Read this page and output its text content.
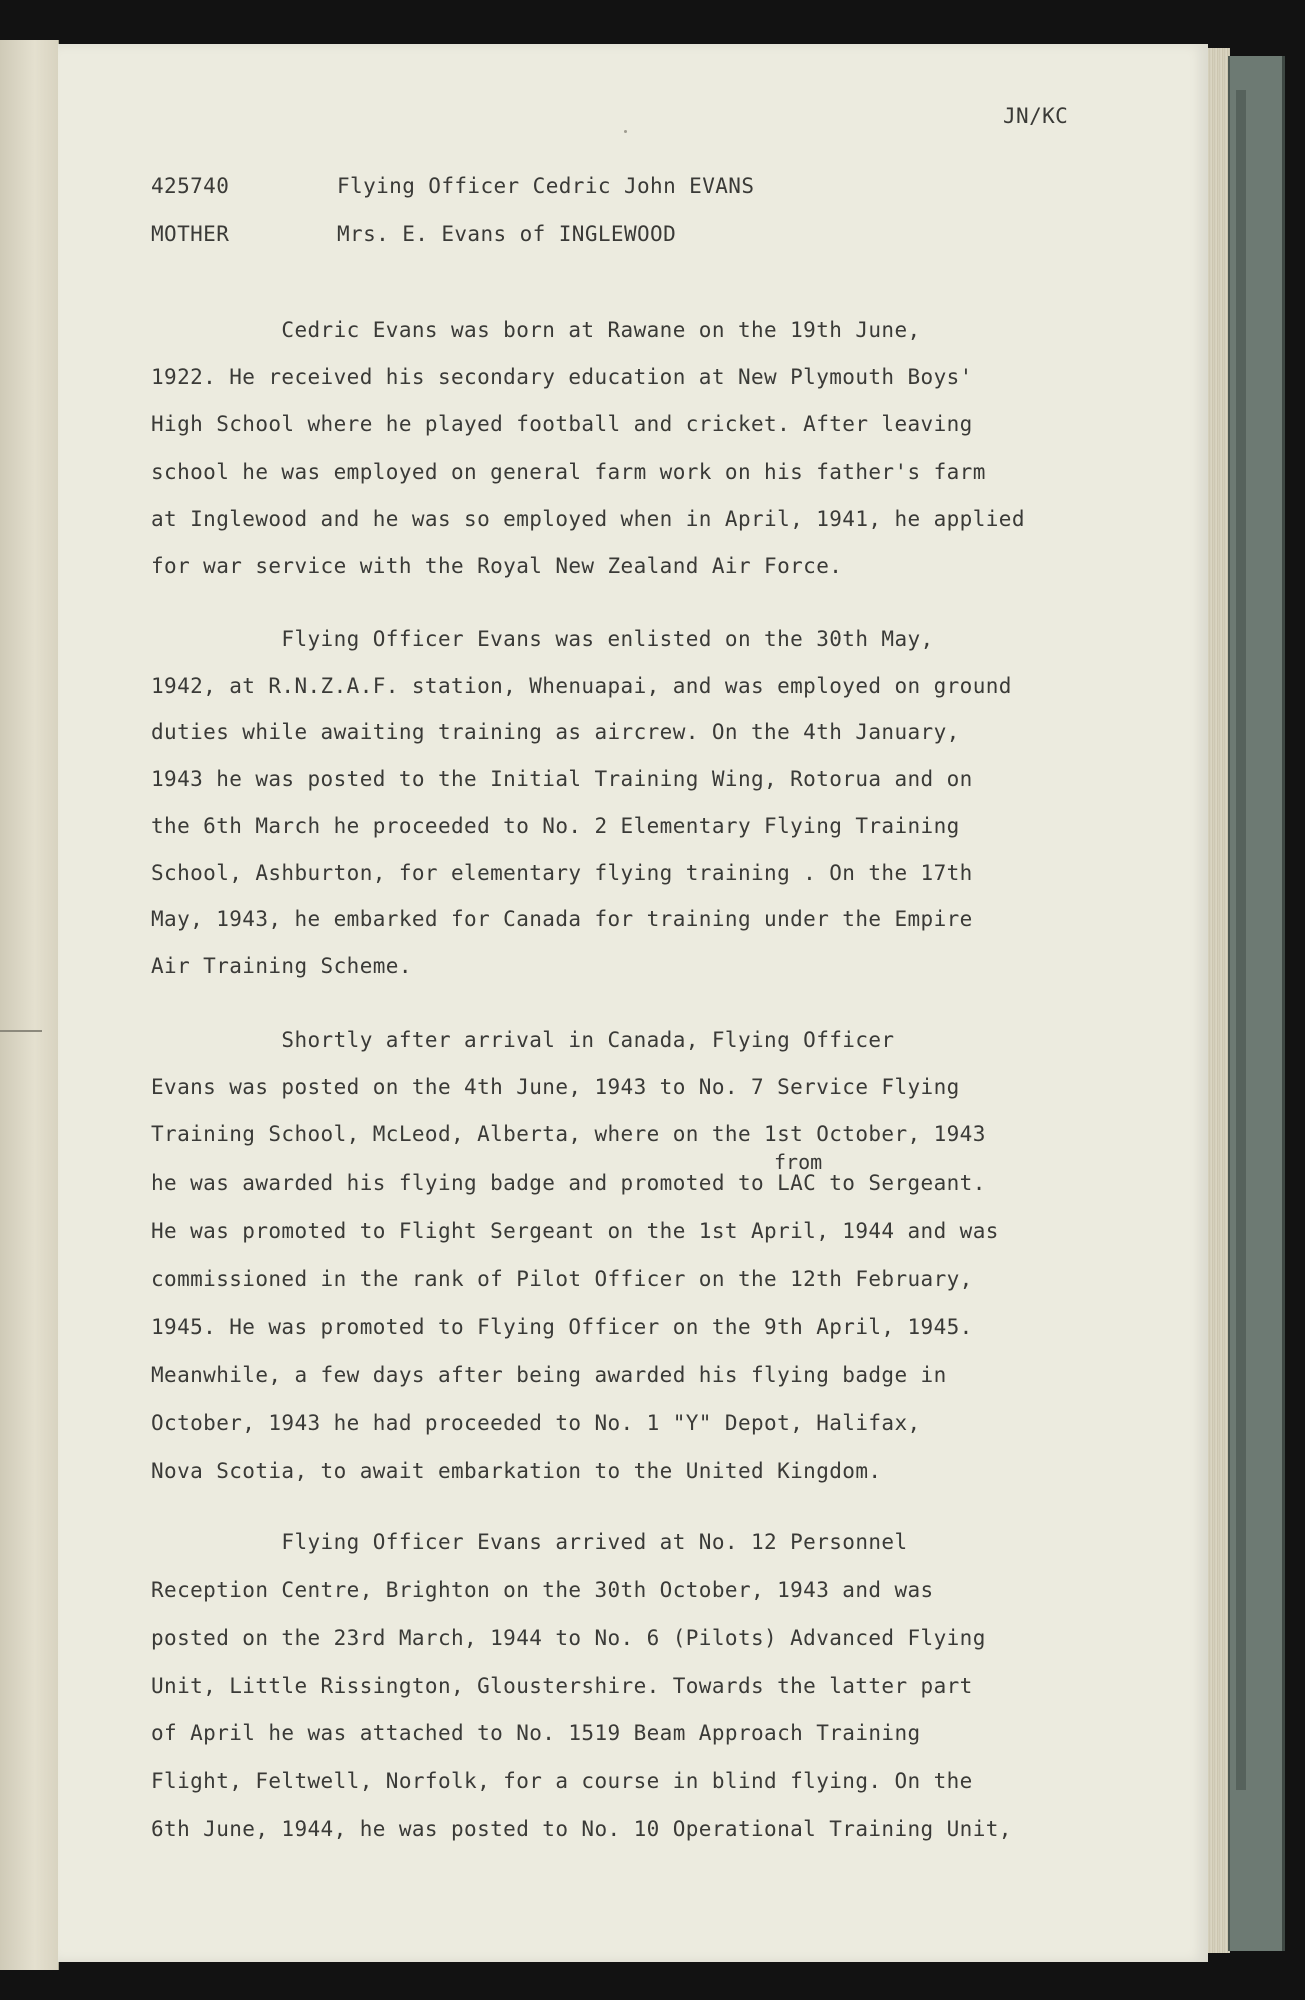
JN/KC
425740	Flying Officer Cedric John EVANS
MOTHER	Mrs. E. Evans of INGLEWOOD
Cedric Evans was born at Rawane on the 19th June,
1922. He received his secondary education at New Plymouth Boys'
High School where he played football and cricket. After leaving
school he was employed on general farm work on his father's farm
at Inglewood and he was so employed when in April, 1941, he applied
for war service with the Royal New Zealand Air Force.
Flying Officer Evans was enlisted on the 30th May,
1942, at R.N.Z.A.F. station, Whenuapai, and was employed on ground
duties while awaiting training as aircrew. On the 4th January,
1943 he was posted to the Initial Training Wing, Rotorua and on
the 6th March he proceeded to No. 2 Elementary Flying Training
School, Ashburton, for elementary flying training . On the 17th
May, 1943, he embarked for Canada for training under the Empire
Air Training Scheme.
Shortly after arrival in Canada, Flying Officer
Evans was posted on the 4th June, 1943 to No. 7 Service Flying
Training School, McLeod, Alberta, where on the 1st October, 1943
from
he was awarded his flying badge and promoted to LAC to Sergeant.
He was promoted to Flight Sergeant on the 1st April, 1944 and was
commissioned in the rank of Pilot Officer on the 12th February,
1945. He was promoted to Flying Officer on the 9th April, 1945.
Meanwhile, a few days after being awarded his flying badge in
October, 1943 he had proceeded to No. 1 "Y" Depot, Halifax,
Nova Scotia, to await embarkation to the United Kingdom.
Flying Officer Evans arrived at No. 12 Personnel
Reception Centre, Brighton on the 30th October, 1943 and was
posted on the 23rd March, 1944 to No. 6 (Pilots) Advanced Flying
Unit, Little Rissington, Gloustershire. Towards the latter part
of April he was attached to No. 1519 Beam Approach Training
Flight, Feltwell, Norfolk, for a course in blind flying. On the
6th June, 1944, he was posted to No. 10 Operational Training Unit,
